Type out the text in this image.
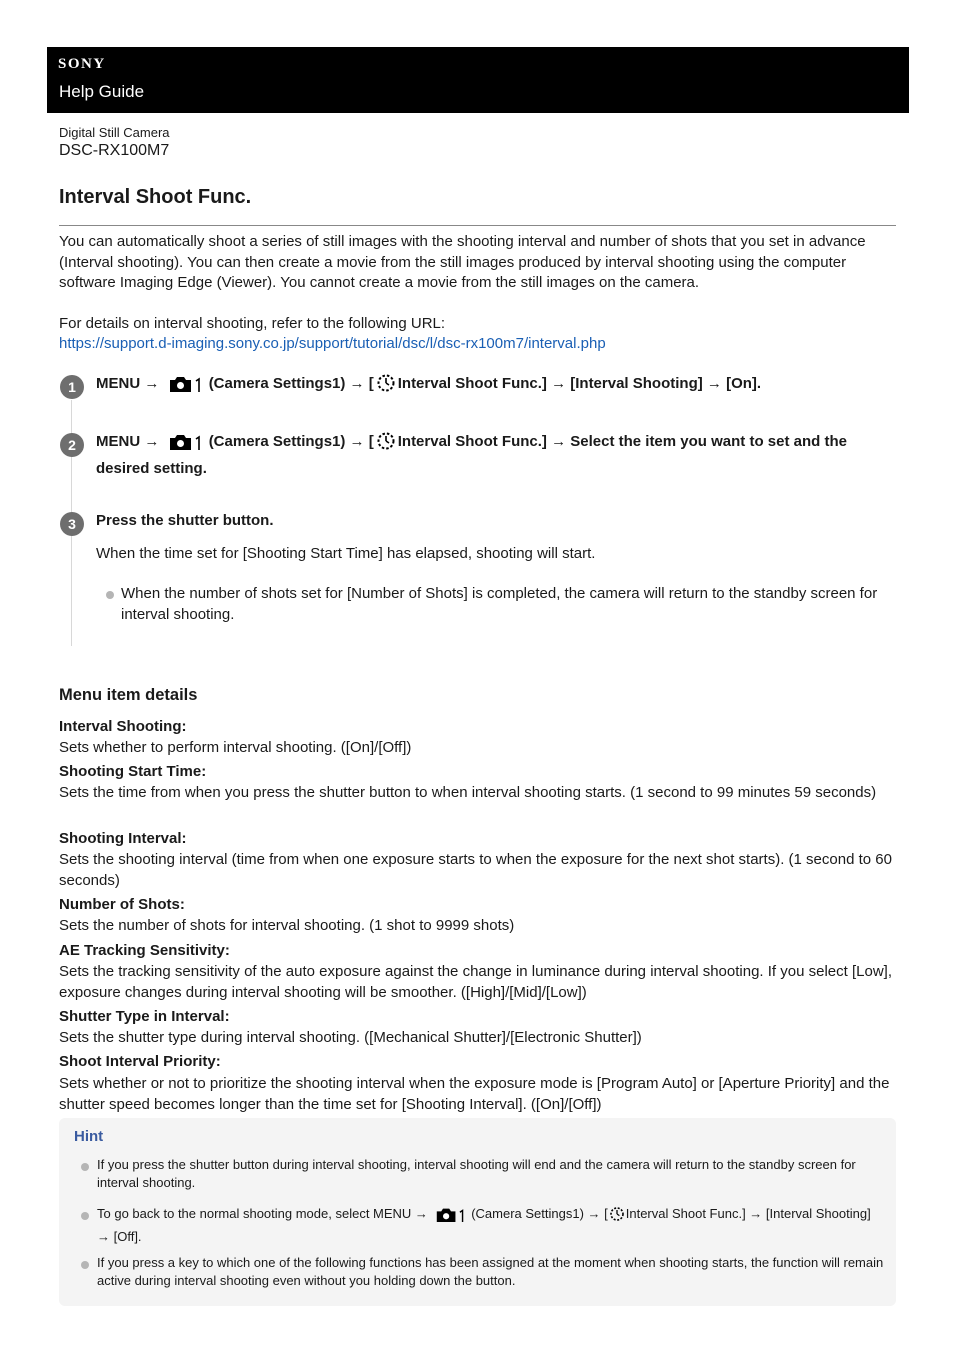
SONY
Help Guide
Digital Still Camera
DSC-RX100M7
Interval Shoot Func.
You can automatically shoot a series of still images with the shooting interval and number of shots that you set in advance (Interval shooting). You can then create a movie from the still images produced by interval shooting using the computer software Imaging Edge (Viewer). You cannot create a movie from the still images on the camera.
For details on interval shooting, refer to the following URL:
https://support.d-imaging.sony.co.jp/support/tutorial/dsc/l/dsc-rx100m7/interval.php
1	MENU →	(Camera Settings1) → [ Interval Shoot Func.] → [Interval Shooting] → [On].
2	MENU →	(Camera Settings1) → [ Interval Shoot Func.] → Select the item you want to set and the desired setting.
3	Press the shutter button.
When the time set for [Shooting Start Time] has elapsed, shooting will start.
When the number of shots set for [Number of Shots] is completed, the camera will return to the standby screen for interval shooting.
Menu item details
Interval Shooting:
Sets whether to perform interval shooting. ([On]/[Off])
Shooting Start Time:
Sets the time from when you press the shutter button to when interval shooting starts. (1 second to 99 minutes 59 seconds)
Shooting Interval:
Sets the shooting interval (time from when one exposure starts to when the exposure for the next shot starts). (1 second to 60 seconds)
Number of Shots:
Sets the number of shots for interval shooting. (1 shot to 9999 shots)
AE Tracking Sensitivity:
Sets the tracking sensitivity of the auto exposure against the change in luminance during interval shooting. If you select [Low], exposure changes during interval shooting will be smoother. ([High]/[Mid]/[Low])
Shutter Type in Interval:
Sets the shutter type during interval shooting. ([Mechanical Shutter]/[Electronic Shutter])
Shoot Interval Priority:
Sets whether or not to prioritize the shooting interval when the exposure mode is [Program Auto] or [Aperture Priority] and the shutter speed becomes longer than the time set for [Shooting Interval]. ([On]/[Off])
Hint
If you press the shutter button during interval shooting, interval shooting will end and the camera will return to the standby screen for interval shooting.
To go back to the normal shooting mode, select MENU →	(Camera Settings1) → [ Interval Shoot Func.] → [Interval Shooting] → [Off].
If you press a key to which one of the following functions has been assigned at the moment when shooting starts, the function will remain active during interval shooting even without you holding down the button.
